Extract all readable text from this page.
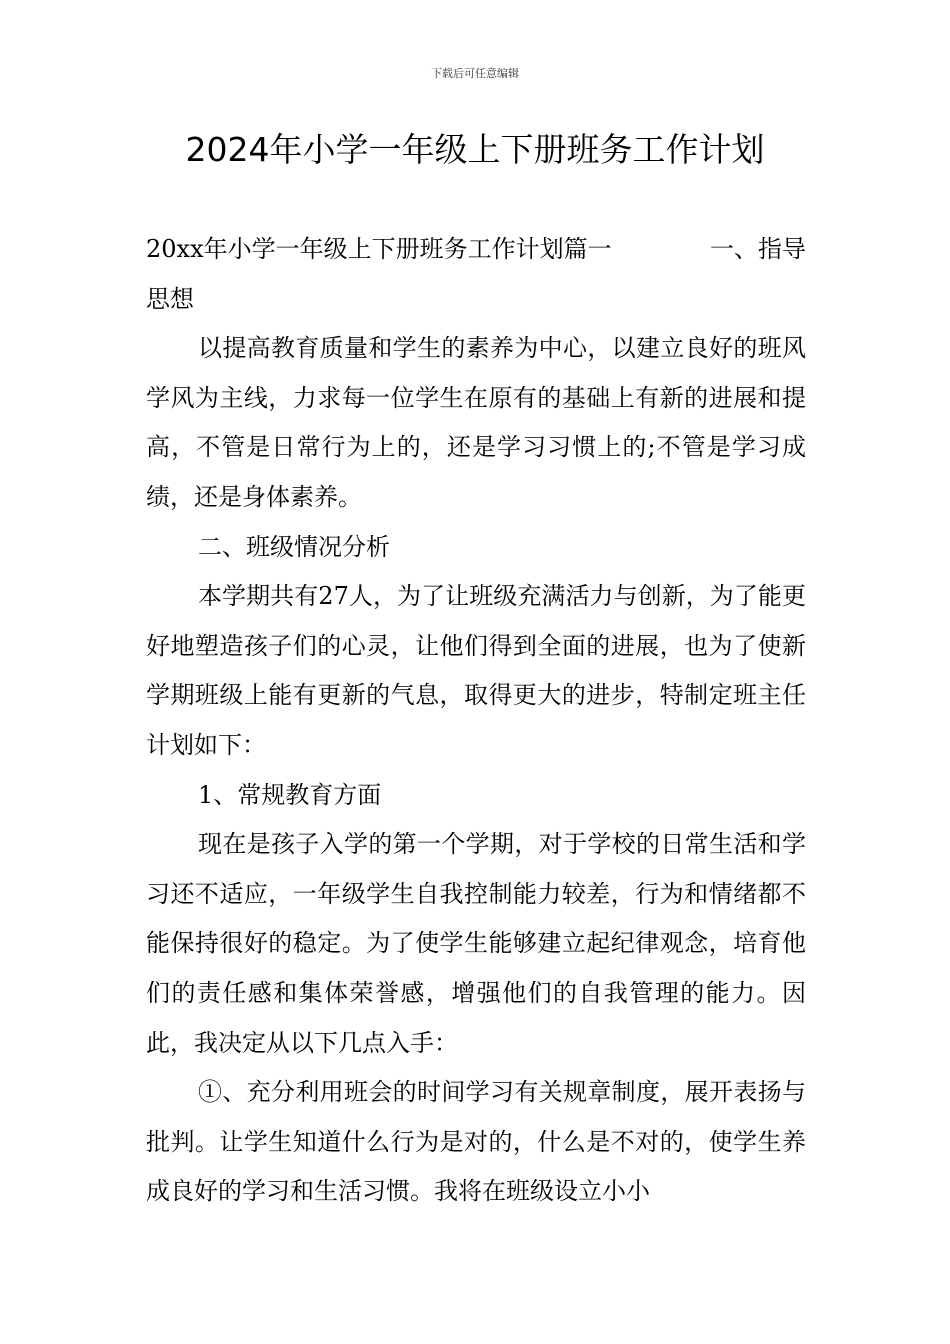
下载后可任意编辑
2024年小学一年级上下册班务工作计划
20xx年小学一年级上下册班务工作计划篇一	一、指导
思想

以提高教育质量和学生的素养为中心，以建立良好的班风学风为主线，力求每一位学生在原有的基础上有新的进展和提高，不管是日常行为上的，还是学习习惯上的;不管是学习成绩，还是身体素养。

二、班级情况分析

本学期共有27人，为了让班级充满活力与创新，为了能更好地塑造孩子们的心灵，让他们得到全面的进展，也为了使新学期班级上能有更新的气息，取得更大的进步，特制定班主任计划如下：

1、常规教育方面

现在是孩子入学的第一个学期，对于学校的日常生活和学习还不适应，一年级学生自我控制能力较差，行为和情绪都不能保持很好的稳定。为了使学生能够建立起纪律观念，培育他们的责任感和集体荣誉感，增强他们的自我管理的能力。因此，我决定从以下几点入手：

①、充分利用班会的时间学习有关规章制度，展开表扬与批判。让学生知道什么行为是对的，什么是不对的，使学生养成良好的学习和生活习惯。我将在班级设立小小
